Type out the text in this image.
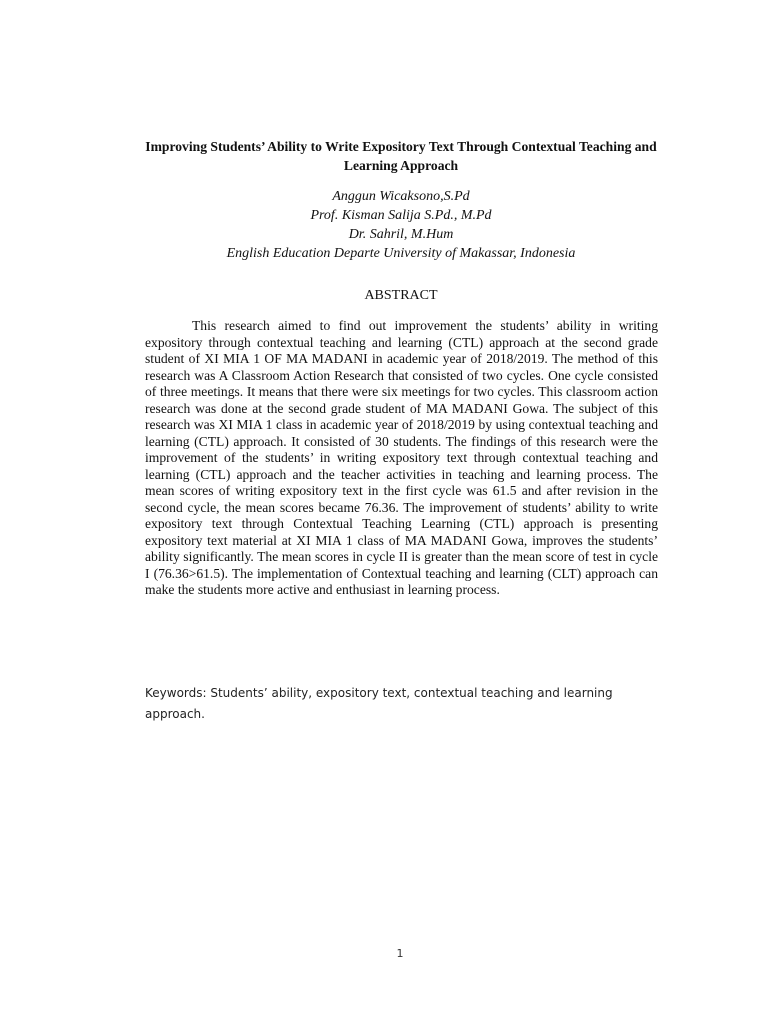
Improving Students’ Ability to Write Expository Text Through Contextual Teaching and Learning Approach
Anggun Wicaksono,S.Pd
Prof. Kisman Salija S.Pd., M.Pd
Dr. Sahril, M.Hum
English Education Departe University of Makassar, Indonesia
ABSTRACT

This research aimed to find out improvement the students’ ability in writing expository through contextual teaching and learning (CTL) approach at the second grade student of XI MIA 1 OF MA MADANI in academic year of 2018/2019. The method of this research was A Classroom Action Research that consisted of two cycles. One cycle consisted of three meetings. It means that there were six meetings for two cycles. This classroom action research was done at the second grade student of MA MADANI Gowa. The subject of this research was XI MIA 1 class in academic year of 2018/2019 by using contextual teaching and learning (CTL) approach. It consisted of 30 students. The findings of this research were the improvement of the students’ in writing expository text through contextual teaching and learning (CTL) approach and the teacher activities in teaching and learning process. The mean scores of writing expository text in the first cycle was 61.5 and after revision in the second cycle, the mean scores became 76.36. The improvement of students’ ability to write expository text through Contextual Teaching Learning (CTL) approach is presenting expository text material at XI MIA 1 class of MA MADANI Gowa, improves the students’ ability significantly. The mean scores in cycle II is greater than the mean score of test in cycle I (76.36>61.5). The implementation of Contextual teaching and learning (CLT) approach can make the students more active and enthusiast in learning process.

Keywords: Students’ ability, expository text, contextual teaching and learning approach.

1
